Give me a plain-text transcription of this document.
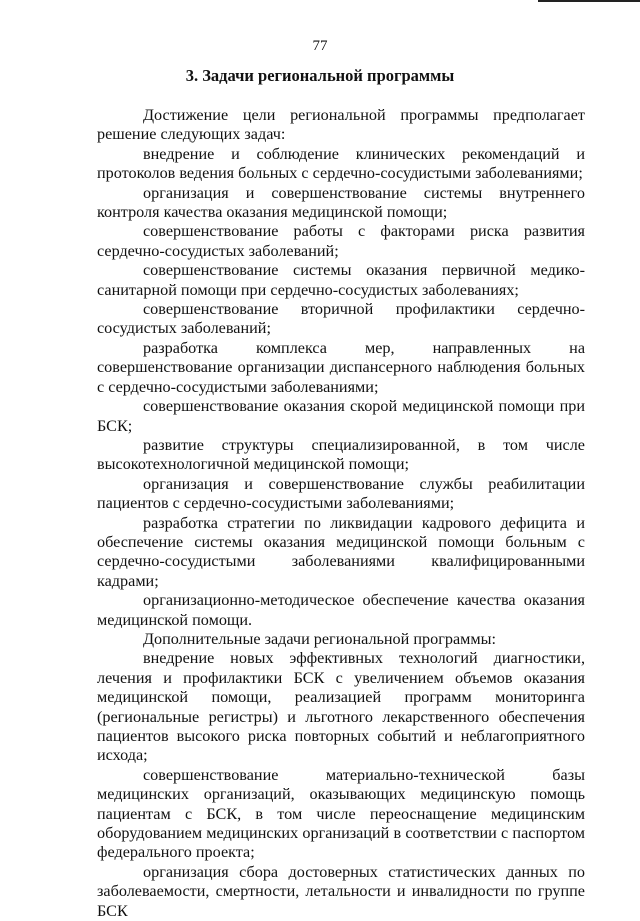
77
3. Задачи региональной программы

Достижение цели региональной программы предполагает решение следующих задач:

внедрение и соблюдение клинических рекомендаций и протоколов ведения больных с сердечно-сосудистыми заболеваниями;

организация и совершенствование системы внутреннего контроля качества оказания медицинской помощи;

совершенствование работы с факторами риска развития сердечно-сосудистых заболеваний;

совершенствование системы оказания первичной медико-санитарной помощи при сердечно-сосудистых заболеваниях;

совершенствование вторичной профилактики сердечно-сосудистых заболеваний;

разработка комплекса мер, направленных на совершенствование организации диспансерного наблюдения больных с сердечно-сосудистыми заболеваниями;

совершенствование оказания скорой медицинской помощи при БСК;

развитие структуры специализированной, в том числе высокотехнологичной медицинской помощи;

организация и совершенствование службы реабилитации пациентов с сердечно-сосудистыми заболеваниями;

разработка стратегии по ликвидации кадрового дефицита и обеспечение системы оказания медицинской помощи больным с сердечно-сосудистыми заболеваниями квалифицированными кадрами;

организационно-методическое обеспечение качества оказания медицинской помощи.

Дополнительные задачи региональной программы:

внедрение новых эффективных технологий диагностики, лечения и профилактики БСК с увеличением объемов оказания медицинской помощи, реализацией программ мониторинга (региональные регистры) и льготного лекарственного обеспечения пациентов высокого риска повторных событий и неблагоприятного исхода;

совершенствование материально-технической базы медицинских организаций, оказывающих медицинскую помощь пациентам с БСК, в том числе переоснащение медицинским оборудованием медицинских организаций в соответствии с паспортом федерального проекта;

организация сбора достоверных статистических данных по заболеваемости, смертности, летальности и инвалидности по группе БСК
